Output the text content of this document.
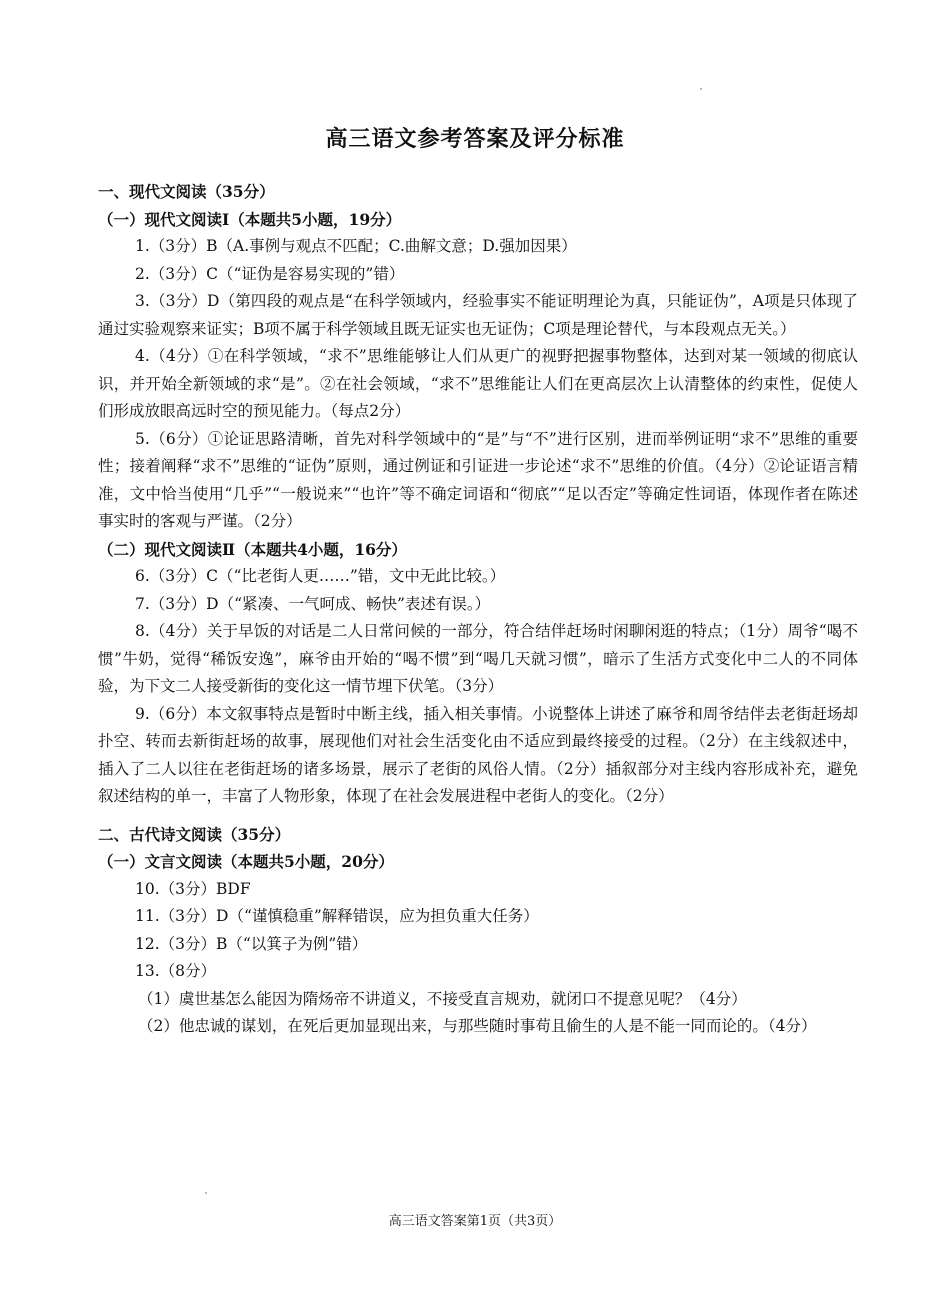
高三语文参考答案及评分标准

一、现代文阅读（35分）

（一）现代文阅读Ⅰ（本题共5小题，19分）

1.（3分）B（A.事例与观点不匹配；C.曲解文意；D.强加因果）

2.（3分）C（“证伪是容易实现的”错）

3.（3分）D（第四段的观点是“在科学领域内，经验事实不能证明理论为真，只能证伪”，A项是只体现了通过实验观察来证实；B项不属于科学领域且既无证实也无证伪；C项是理论替代，与本段观点无关。）

4.（4分）①在科学领域，“求不”思维能够让人们从更广的视野把握事物整体，达到对某一领域的彻底认识，并开始全新领域的求“是”。②在社会领域，“求不”思维能让人们在更高层次上认清整体的约束性，促使人们形成放眼高远时空的预见能力。（每点2分）

5.（6分）①论证思路清晰，首先对科学领域中的“是”与“不”进行区别，进而举例证明“求不”思维的重要性；接着阐释“求不”思维的“证伪”原则，通过例证和引证进一步论述“求不”思维的价值。（4分）②论证语言精准，文中恰当使用“几乎”“一般说来”“也许”等不确定词语和“彻底”“足以否定”等确定性词语，体现作者在陈述事实时的客观与严谨。（2分）

（二）现代文阅读Ⅱ（本题共4小题，16分）

6.（3分）C（“比老街人更……”错，文中无此比较。）

7.（3分）D（“紧凑、一气呵成、畅快”表述有误。）

8.（4分）关于早饭的对话是二人日常问候的一部分，符合结伴赶场时闲聊闲逛的特点；（1分）周爷“喝不惯”牛奶，觉得“稀饭安逸”，麻爷由开始的“喝不惯”到“喝几天就习惯”，暗示了生活方式变化中二人的不同体验，为下文二人接受新街的变化这一情节埋下伏笔。（3分）

9.（6分）本文叙事特点是暂时中断主线，插入相关事情。小说整体上讲述了麻爷和周爷结伴去老街赶场却扑空、转而去新街赶场的故事，展现他们对社会生活变化由不适应到最终接受的过程。（2分）在主线叙述中，插入了二人以往在老街赶场的诸多场景，展示了老街的风俗人情。（2分）插叙部分对主线内容形成补充，避免叙述结构的单一，丰富了人物形象，体现了在社会发展进程中老街人的变化。（2分）

二、古代诗文阅读（35分）

（一）文言文阅读（本题共5小题，20分）

10.（3分）BDF

11.（3分）D（“谨慎稳重”解释错误，应为担负重大任务）

12.（3分）B（“以箕子为例”错）

13.（8分）

（1）虞世基怎么能因为隋炀帝不讲道义，不接受直言规劝，就闭口不提意见呢？（4分）

（2）他忠诚的谋划，在死后更加显现出来，与那些随时事苟且偷生的人是不能一同而论的。（4分）

高三语文答案第1页（共3页）
